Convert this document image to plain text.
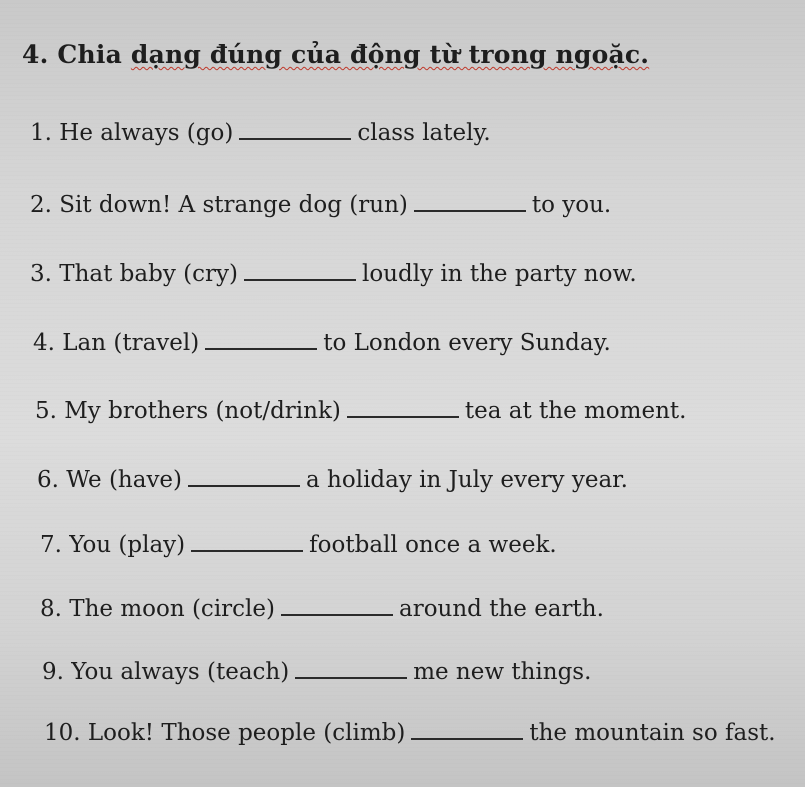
4. Chia dạng đúng của động từ trong ngoặc.
1. He always (go)	class lately.
2. Sit down! A strange dog (run)	to you.
3. That baby (cry)	loudly in the party now.
4. Lan (travel)	to London every Sunday.
5. My brothers (not/drink)	tea at the moment.
6. We (have)	a holiday in July every year.
7. You (play)	football once a week.
8. The moon (circle)	around the earth.
9. You always (teach)	me new things.
10. Look! Those people (climb)	the mountain so fast.
